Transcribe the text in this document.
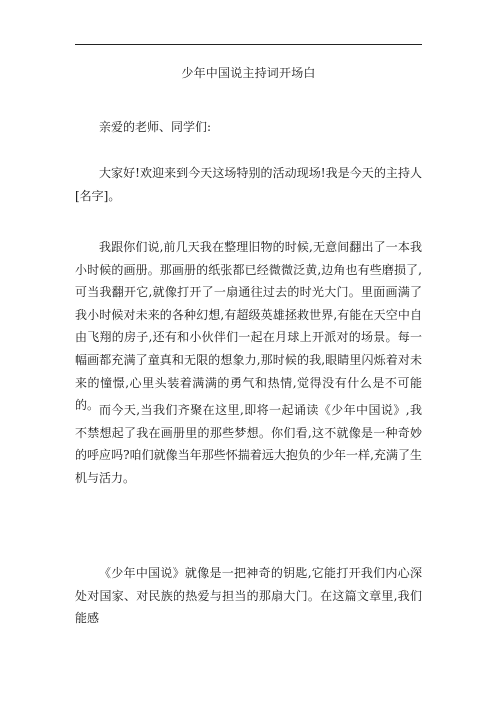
少年中国说主持词开场白
亲爱的老师、同学们:
大家好!欢迎来到今天这场特别的活动现场!我是今天的主持人[名字]。
我跟你们说,前几天我在整理旧物的时候,无意间翻出了一本我小时候的画册。那画册的纸张都已经微微泛黄,边角也有些磨损了,可当我翻开它,就像打开了一扇通往过去的时光大门。里面画满了我小时候对未来的各种幻想,有超级英雄拯救世界,有能在天空中自由飞翔的房子,还有和小伙伴们一起在月球上开派对的场景。每一幅画都充满了童真和无限的想象力,那时候的我,眼睛里闪烁着对未来的憧憬,心里头装着满满的勇气和热情,觉得没有什么是不可能的。 而今天,当我们齐聚在这里,即将一起诵读《少年中国说》,我不禁想起了我在画册里的那些梦想。你们看,这不就像是一种奇妙的呼应吗?咱们就像当年那些怀揣着远大抱负的少年一样,充满了生机与活力。
《少年中国说》就像是一把神奇的钥匙,它能打开我们内心深处对国家、对民族的热爱与担当的那扇大门。在这篇文章里,我们能感
